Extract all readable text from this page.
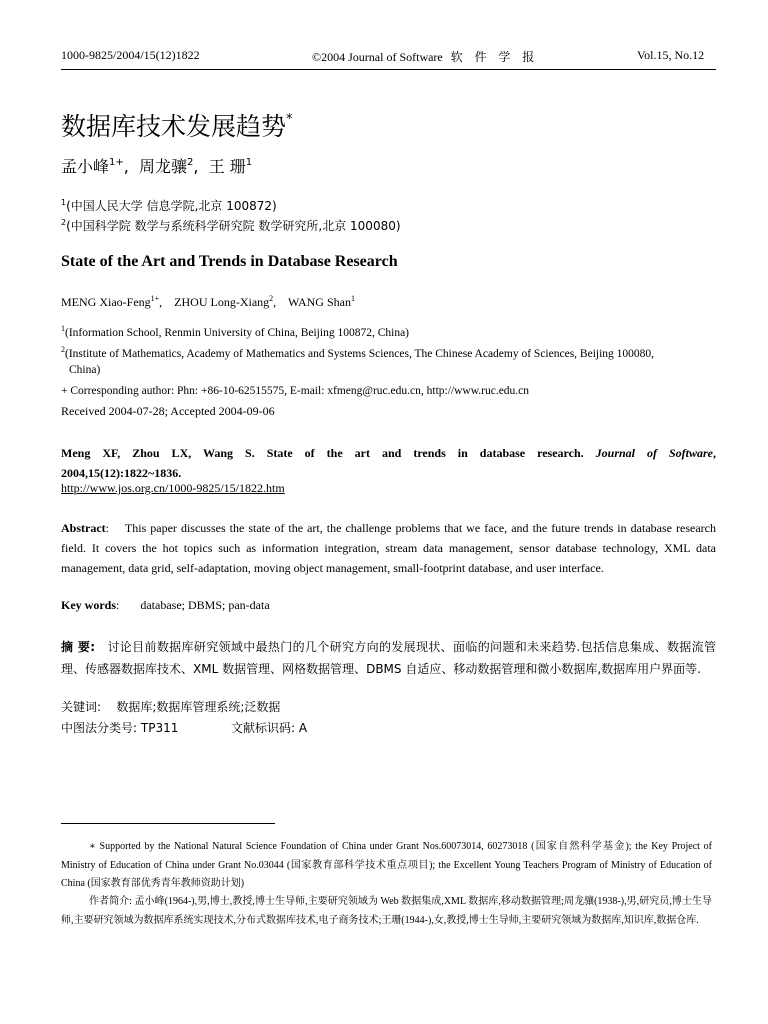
1000-9825/2004/15(12)1822	©2004 Journal of Software 软 件 学 报	Vol.15, No.12
数据库技术发展趋势*
孟小峰$^{1+}$,  周龙骧$^2$,  王 珊$^1$
$^1$(中国人民大学 信息学院,北京 100872)
$^2$(中国科学院 数学与系统科学研究院 数学研究所,北京 100080)
State of the Art and Trends in Database Research
MENG Xiao-Feng$^{1+}$,    ZHOU Long-Xiang$^2$,    WANG Shan$^1$
$^1$(Information School, Renmin University of China, Beijing 100872, China)
$^2$(Institute of Mathematics, Academy of Mathematics and Systems Sciences, The Chinese Academy of Sciences, Beijing 100080,
China)
+ Corresponding author: Phn: +86-10-62515575, E-mail: xfmeng@ruc.edu.cn, http://www.ruc.edu.cn
Received 2004-07-28; Accepted 2004-09-06
Meng XF, Zhou LX, Wang S. State of the art and trends in database research. Journal of Software,
2004,15(12):1822~1836.
http://www.jos.org.cn/1000-9825/15/1822.htm
Abstract:    This paper discusses the state of the art, the challenge problems that we face, and the future trends in database research field. It covers the hot topics such as information integration, stream data management, sensor database technology, XML data management, data grid, self-adaptation, moving object management, small-footprint database, and user interface.
Key words:       database; DBMS; pan-data
摘 要: 讨论目前数据库研究领域中最热门的几个研究方向的发展现状、面临的问题和未来趋势.包括信息集成、数据流管理、传感器数据库技术、XML 数据管理、网格数据管理、DBMS 自适应、移动数据管理和微小数据库,数据库用户界面等.
关键词: 数据库;数据库管理系统;泛数据
中图法分类号: TP311	文献标识码: A
∗ Supported by the National Natural Science Foundation of China under Grant Nos.60073014, 60273018 (国家自然科学基金); the Key Project of Ministry of Education of China under Grant No.03044 (国家教育部科学技术重点项目); the Excellent Young Teachers Program of Ministry of Education of China (国家教育部优秀青年教师资助计划)
作者简介: 孟小峰(1964-),男,博士,教授,博士生导师,主要研究领域为 Web 数据集成,XML 数据库,移动数据管理;周龙骧(1938-),男,研究员,博士生导师,主要研究领域为数据库系统实现技术,分布式数据库技术,电子商务技术;王珊(1944-),女,教授,博士生导师,主要研究领域为数据库,知识库,数据仓库.
